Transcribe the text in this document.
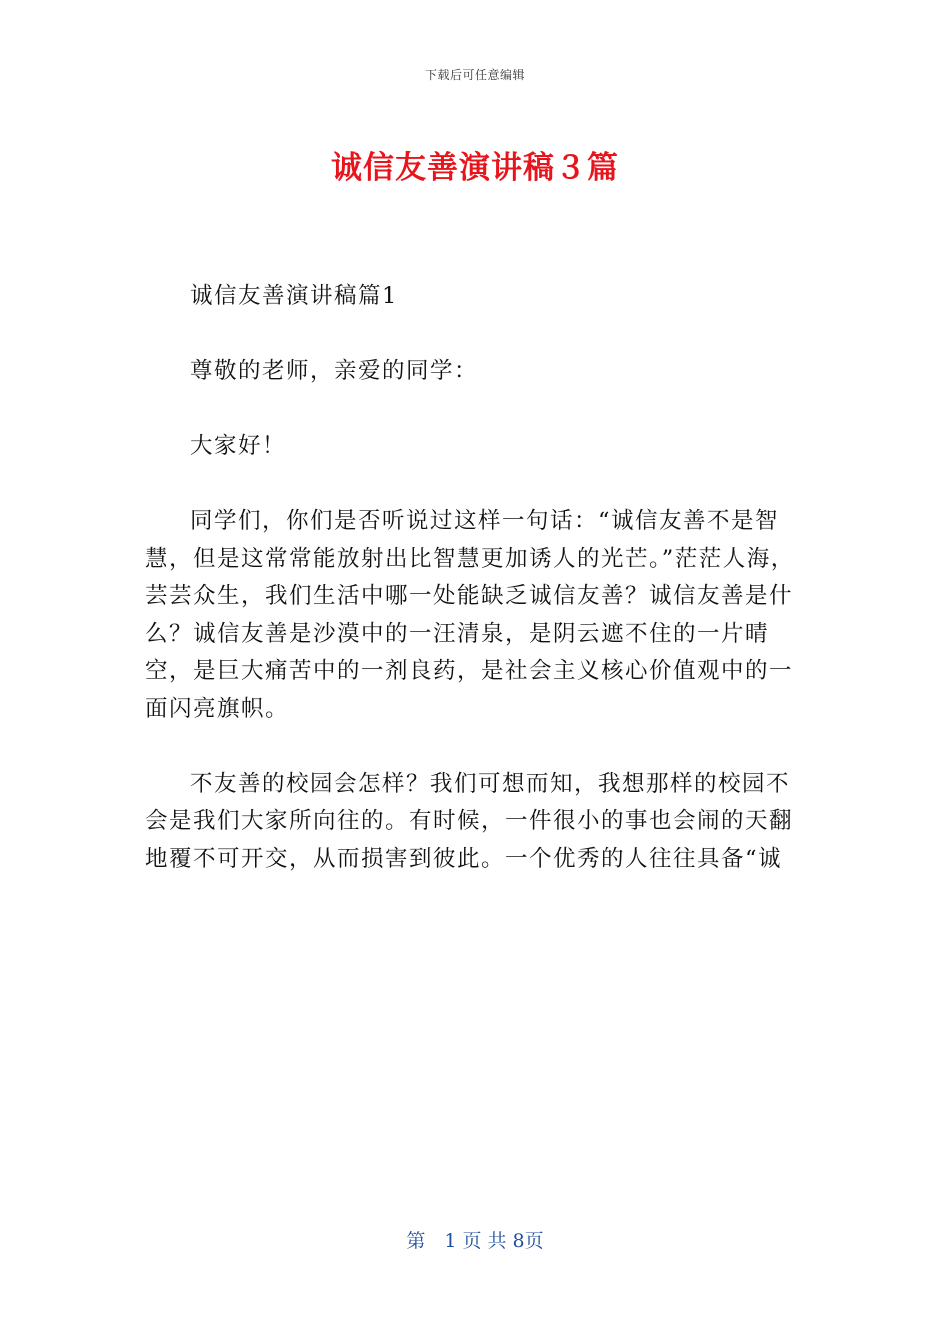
下载后可任意编辑
诚信友善演讲稿３篇

诚信友善演讲稿篇1

尊敬的老师，亲爱的同学：

大家好！

同学们，你们是否听说过这样一句话：“诚信友善不是智慧，但是这常常能放射出比智慧更加诱人的光芒。”茫茫人海，芸芸众生，我们生活中哪一处能缺乏诚信友善？诚信友善是什么？诚信友善是沙漠中的一汪清泉，是阴云遮不住的一片晴空，是巨大痛苦中的一剂良药，是社会主义核心价值观中的一面闪亮旗帜。

不友善的校园会怎样？我们可想而知，我想那样的校园不会是我们大家所向往的。有时候，一件很小的事也会闹的天翻地覆不可开交，从而损害到彼此。一个优秀的人往往具备“诚

第　1 页 共 8页
